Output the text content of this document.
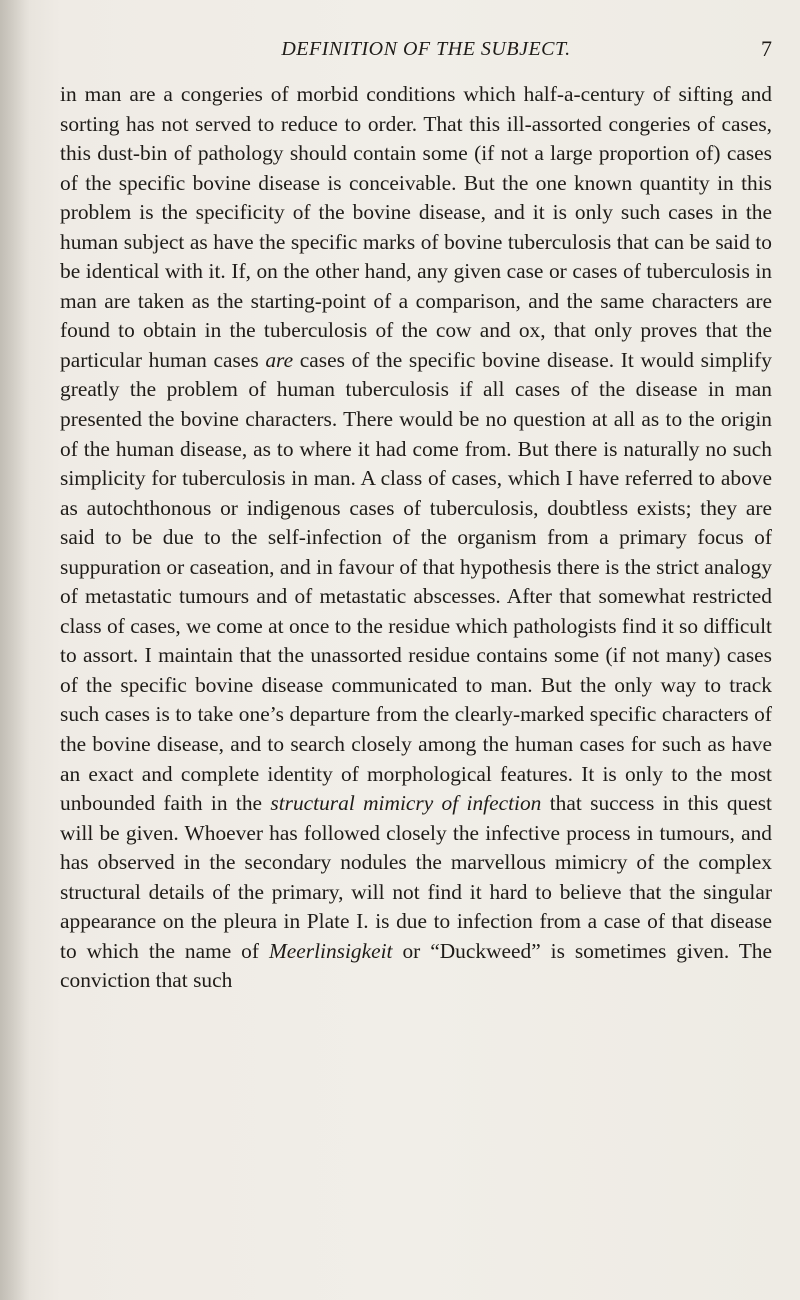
DEFINITION OF THE SUBJECT.	7
in man are a congeries of morbid conditions which half-a-century of sifting and sorting has not served to reduce to order. That this ill-assorted congeries of cases, this dust-bin of pathology should contain some (if not a large proportion of) cases of the specific bovine disease is conceivable. But the one known quantity in this problem is the specificity of the bovine disease, and it is only such cases in the human subject as have the specific marks of bovine tuberculosis that can be said to be identical with it. If, on the other hand, any given case or cases of tuberculosis in man are taken as the starting-point of a comparison, and the same characters are found to obtain in the tuberculosis of the cow and ox, that only proves that the particular human cases are cases of the specific bovine disease. It would simplify greatly the problem of human tuberculosis if all cases of the disease in man presented the bovine characters. There would be no question at all as to the origin of the human disease, as to where it had come from. But there is naturally no such simplicity for tuberculosis in man. A class of cases, which I have referred to above as autochthonous or indigenous cases of tuberculosis, doubtless exists; they are said to be due to the self-infection of the organism from a primary focus of suppuration or caseation, and in favour of that hypothesis there is the strict analogy of metastatic tumours and of metastatic abscesses. After that somewhat restricted class of cases, we come at once to the residue which pathologists find it so difficult to assort. I maintain that the unassorted residue contains some (if not many) cases of the specific bovine disease communicated to man. But the only way to track such cases is to take one’s departure from the clearly-marked specific characters of the bovine disease, and to search closely among the human cases for such as have an exact and complete identity of morphological features. It is only to the most unbounded faith in the structural mimicry of infection that success in this quest will be given. Whoever has followed closely the infective process in tumours, and has observed in the secondary nodules the marvellous mimicry of the complex structural details of the primary, will not find it hard to believe that the singular appearance on the pleura in Plate I. is due to infection from a case of that disease to which the name of Meerlinsigkeit or “Duckweed” is sometimes given. The conviction that such
